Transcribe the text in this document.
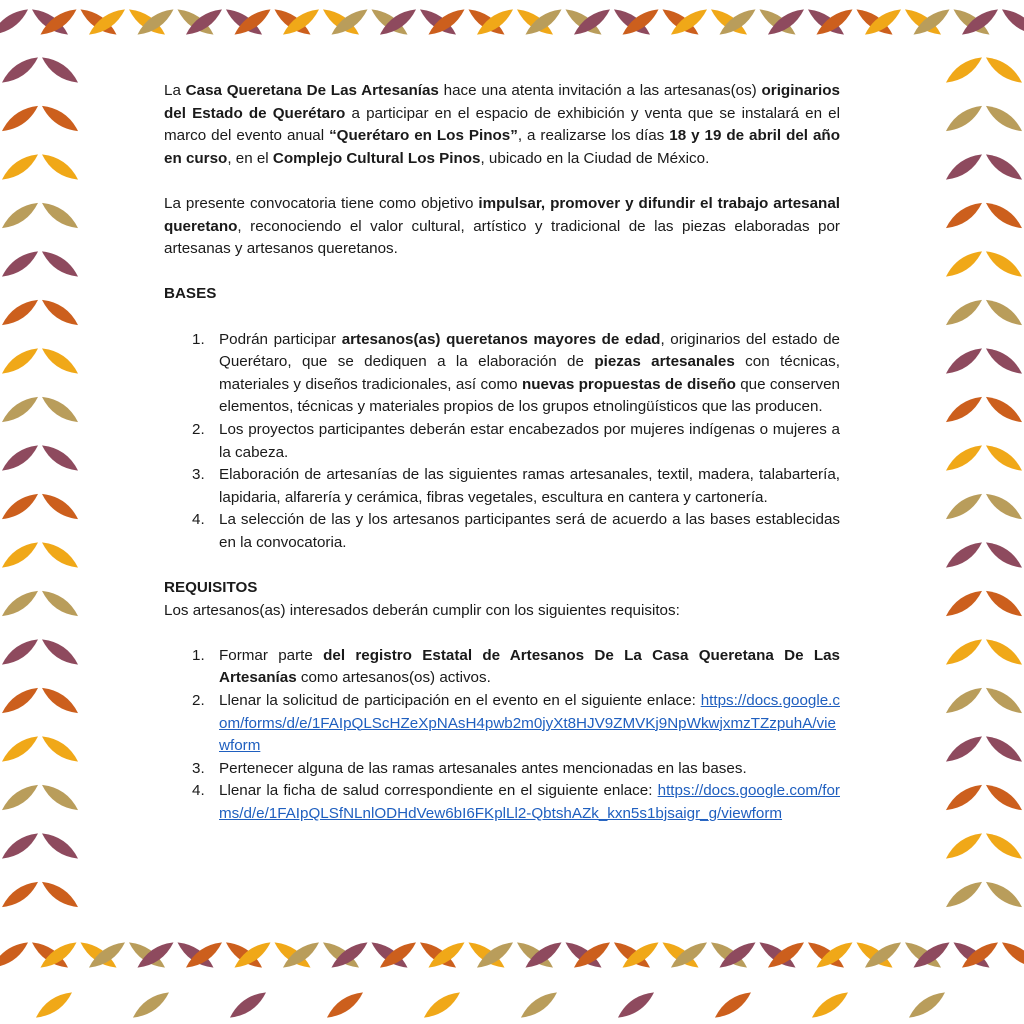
La Casa Queretana De Las Artesanías hace una atenta invitación a las artesanas(os) originarios del Estado de Querétaro a participar en el espacio de exhibición y venta que se instalará en el marco del evento anual “Querétaro en Los Pinos”, a realizarse los días 18 y 19 de abril del año en curso, en el Complejo Cultural Los Pinos, ubicado en la Ciudad de México.

La presente convocatoria tiene como objetivo impulsar, promover y difundir el trabajo artesanal queretano, reconociendo el valor cultural, artístico y tradicional de las piezas elaboradas por artesanas y artesanos queretanos.

BASES

1. Podrán participar artesanos(as) queretanos mayores de edad, originarios del estado de Querétaro, que se dediquen a la elaboración de piezas artesanales con técnicas, materiales y diseños tradicionales, así como nuevas propuestas de diseño que conserven elementos, técnicas y materiales propios de los grupos etnolingüísticos que las producen.
2. Los proyectos participantes deberán estar encabezados por mujeres indígenas o mujeres a la cabeza.
3. Elaboración de artesanías de las siguientes ramas artesanales, textil, madera, talabartería, lapidaria, alfarería y cerámica, fibras vegetales, escultura en cantera y cartonería.
4. La selección de las y los artesanos participantes será de acuerdo a las bases establecidas en la convocatoria.

REQUISITOS

Los artesanos(as) interesados deberán cumplir con los siguientes requisitos:

1. Formar parte del registro Estatal de Artesanos De La Casa Queretana De Las Artesanías como artesanos(os) activos.
2. Llenar la solicitud de participación en el evento en el siguiente enlace: https://docs.google.com/forms/d/e/1FAIpQLScHZeXpNAsH4pwb2m0jyXt8HJV9ZMVKj9NpWkwjxmzTZzpuhA/viewform
3. Pertenecer alguna de las ramas artesanales antes mencionadas en las bases.
4. Llenar la ficha de salud correspondiente en el siguiente enlace: https://docs.google.com/forms/d/e/1FAIpQLSfNLnlODHdVew6bI6FKplLl2-QbtshAZk_kxn5s1bjsaigr_g/viewform
